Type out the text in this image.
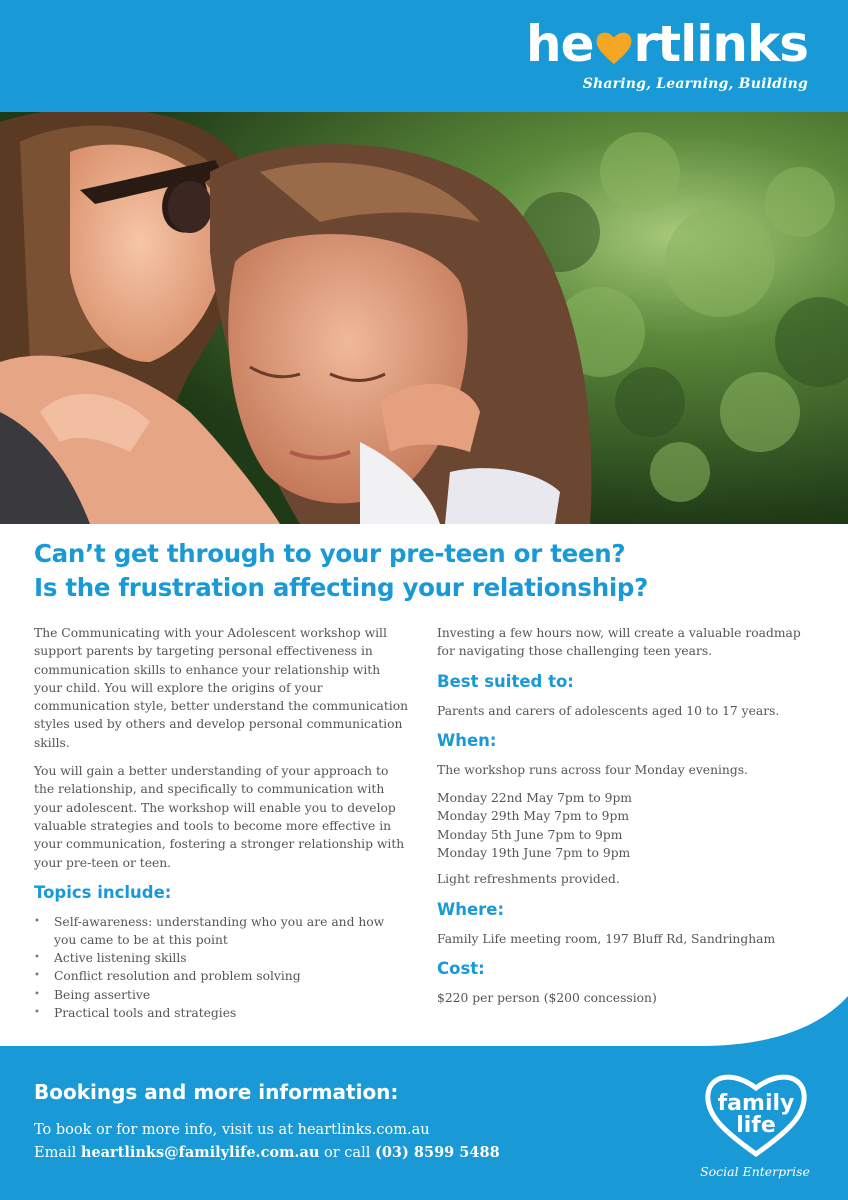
he rtlinks
Sharing, Learning, Building
Can’t get through to your pre-teen or teen?
Is the frustration affecting your relationship?

The Communicating with your Adolescent workshop will support parents by targeting personal effectiveness in communication skills to enhance your relationship with your child. You will explore the origins of your communication style, better understand the communication styles used by others and develop personal communication skills.

You will gain a better understanding of your approach to the relationship, and specifically to communication with your adolescent. The workshop will enable you to develop valuable strategies and tools to become more effective in your communication, fostering a stronger relationship with your pre-teen or teen.

Topics include:
• Self-awareness: understanding who you are and how you came to be at this point
• Active listening skills
• Conflict resolution and problem solving
• Being assertive
• Practical tools and strategies

Investing a few hours now, will create a valuable roadmap for navigating those challenging teen years.

Best suited to:

Parents and carers of adolescents aged 10 to 17 years.

When:

The workshop runs across four Monday evenings.

Monday 22nd May 7pm to 9pm
Monday 29th May 7pm to 9pm
Monday 5th June 7pm to 9pm
Monday 19th June 7pm to 9pm

Light refreshments provided.

Where:

Family Life meeting room, 197 Bluff Rd, Sandringham

Cost:

$220 per person ($200 concession)

Bookings and more information:
To book or for more info, visit us at heartlinks.com.au
Email heartlinks@familylife.com.au or call (03) 8599 5488
family
life
Social Enterprise
